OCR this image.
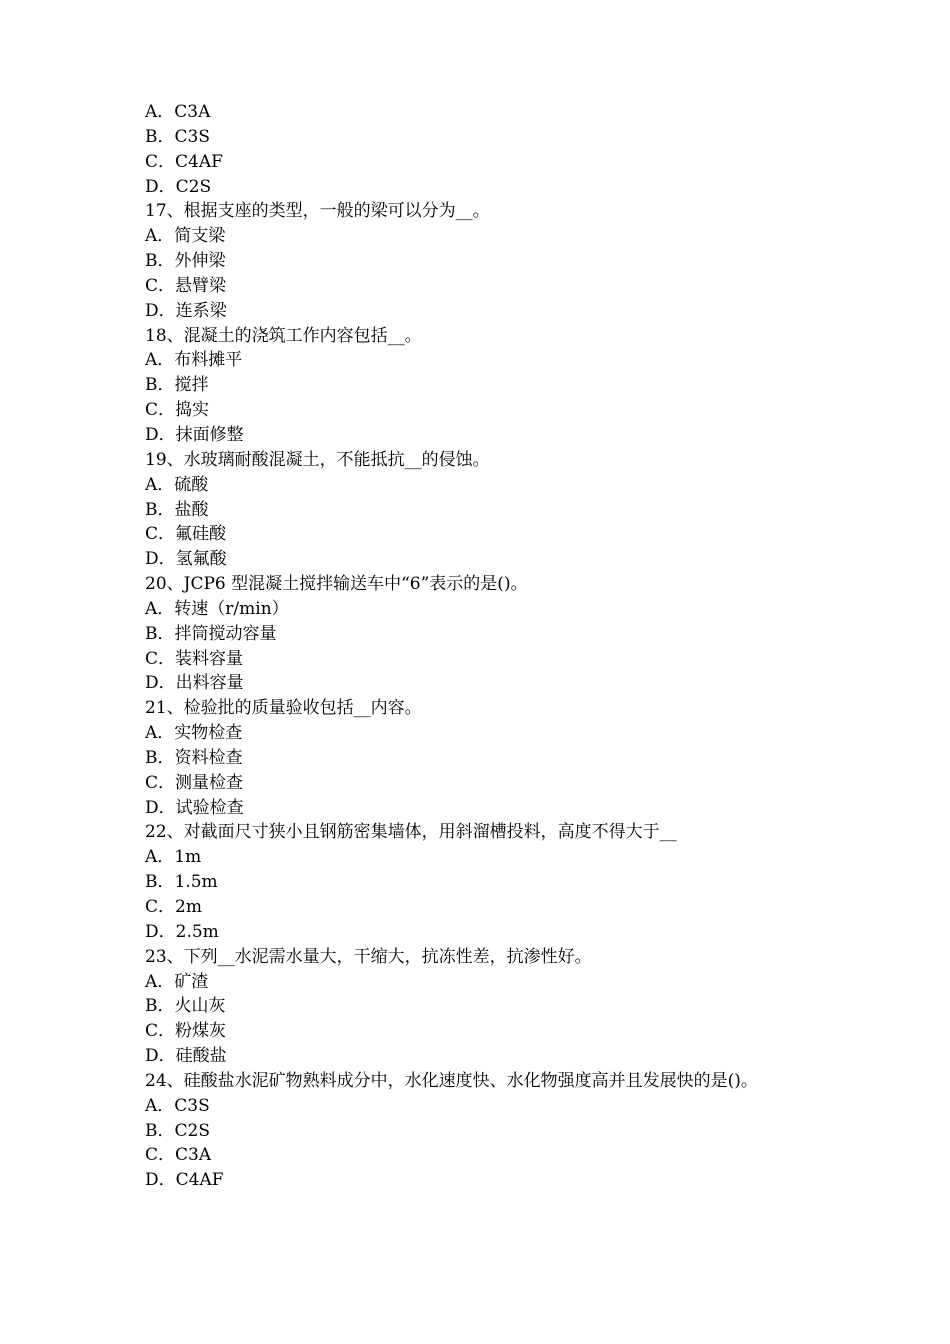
A．C3A
B．C3S
C．C4AF
D．C2S
17、根据支座的类型，一般的梁可以分为__。
A．简支梁
B．外伸梁
C．悬臂梁
D．连系梁
18、混凝土的浇筑工作内容包括__。
A．布料摊平
B．搅拌
C．捣实
D．抹面修整
19、水玻璃耐酸混凝土，不能抵抗__的侵蚀。
A．硫酸
B．盐酸
C．氟硅酸
D．氢氟酸
20、JCP6 型混凝土搅拌输送车中“6”表示的是()。
A．转速（r/min）
B．拌筒搅动容量
C．装料容量
D．出料容量
21、检验批的质量验收包括__内容。
A．实物检查
B．资料检查
C．测量检查
D．试验检查
22、对截面尺寸狭小且钢筋密集墙体，用斜溜槽投料，高度不得大于__
A．1m
B．1.5m
C．2m
D．2.5m
23、下列__水泥需水量大，干缩大，抗冻性差，抗渗性好。
A．矿渣
B．火山灰
C．粉煤灰
D．硅酸盐
24、硅酸盐水泥矿物熟料成分中，水化速度快、水化物强度高并且发展快的是()。
A．C3S
B．C2S
C．C3A
D．C4AF
